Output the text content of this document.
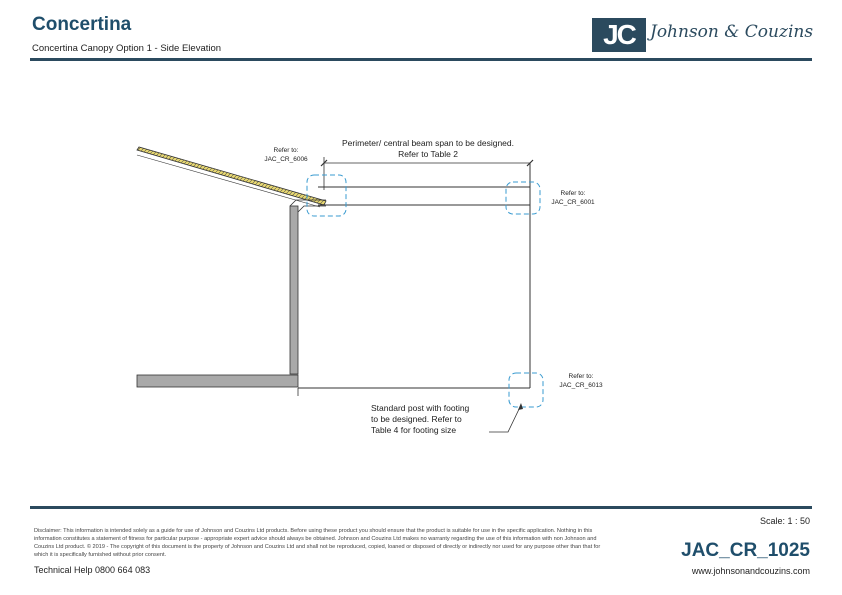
Concertina
Concertina Canopy Option 1 - Side Elevation	JC Johnson & Couzins
Perimeter/ central beam span to be designed.
Refer to Table 2
Refer to:
JAC_CR_6006
Refer to:
JAC_CR_6001
Refer to:
JAC_CR_6013
Standard post with footing
to be designed. Refer to
Table 4 for footing size
Scale: 1 : 50
Disclaimer: This information is intended solely as a guide for use of Johnson and Couzins Ltd products. Before using these product you should ensure that the product is suitable for use in the specific application. Nothing in this information constitutes a statement of fitness for particular purpose - appropriate expert advice should always be obtained. Johnson and Couzins Ltd makes no warranty regarding the use of this information with non Johnson and Couzins Ltd product. © 2019 - The copyright of this document is the property of Johnson and Couzins Ltd and shall not be reproduced, copied, loaned or disposed of directly or indirectly nor used for any purpose other than that for which it is specifically furnished without prior consent.
Technical Help 0800 664 083
JAC_CR_1025
www.johnsonandcouzins.com
